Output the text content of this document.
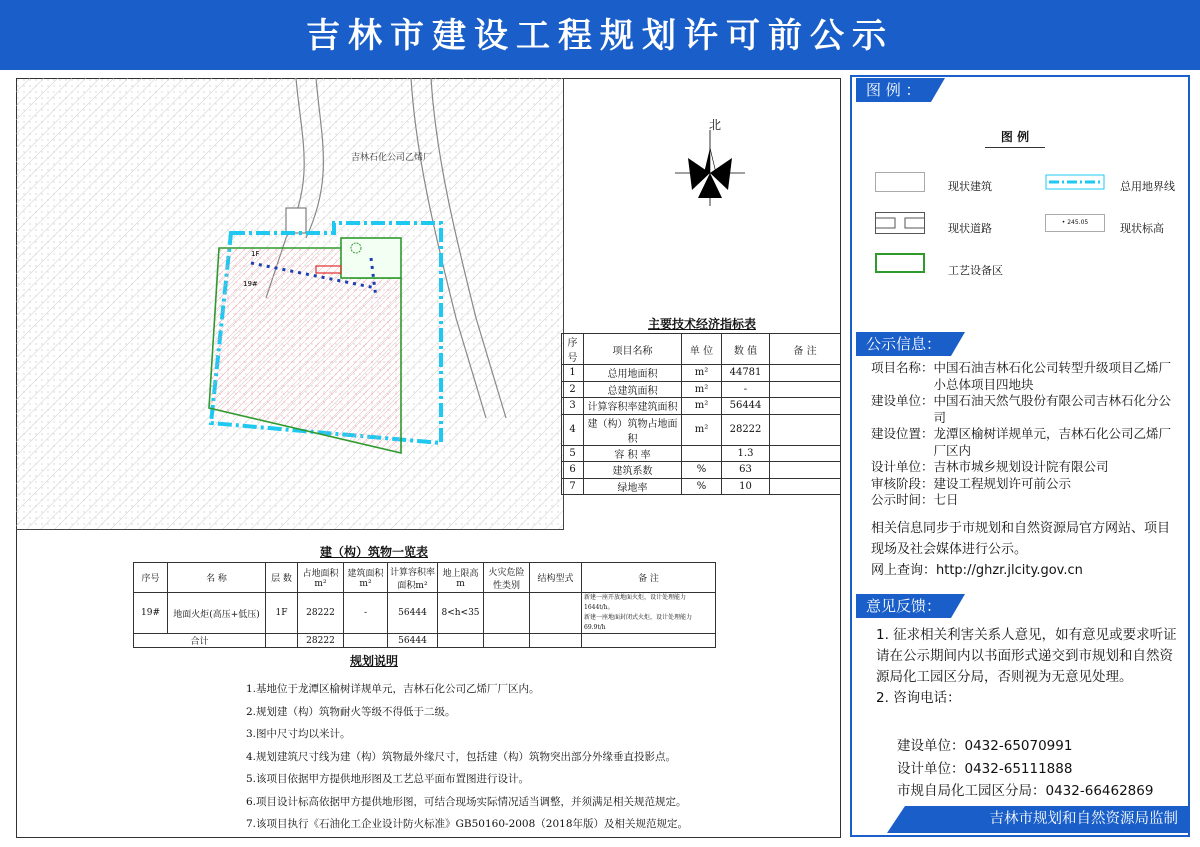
吉林市建设工程规划许可前公示
吉林石化公司乙烯厂
1F
19#
北
主要技术经济指标表
序号	项目名称	单 位	数 值	备 注
1	总用地面积	m²	44781	
2	总建筑面积	m²	-	
3	计算容积率建筑面积	m²	56444	
4	建（构）筑物占地面积	m²	28222	
5	容 积 率		1.3	
6	建筑系数	%	63	
7	绿地率	%	10	
建（构）筑物一览表
序号	名 称	层 数	占地面积m²	建筑面积m²	计算容积率面积m²	地上限高m	火灾危险性类别	结构型式	备 注
19#	地面火炬(高压+低压)	1F	28222	-	56444	8<h<35			新建一座开放地面火炬，设计处理能力1644t/h。
新建一座地面封闭式火炬，设计处理能力69.9t/h

合计			28222		56444				
规划说明
1.基地位于龙潭区榆树详规单元，吉林石化公司乙烯厂厂区内。
2.规划建（构）筑物耐火等级不得低于二级。
3.图中尺寸均以米计。
4.规划建筑尺寸线为建（构）筑物最外缘尺寸，包括建（构）筑物突出部分外缘垂直投影点。
5.该项目依据甲方提供地形图及工艺总平面布置图进行设计。
6.项目设计标高依据甲方提供地形图，可结合现场实际情况适当调整，并须满足相关规范规定。
7.该项目执行《石油化工企业设计防火标准》GB50160-2008（2018年版）及相关规范规定。
图 例 ：
图 例
现状建筑	总用地界线
现状道路	• 245.05	现状标高
工艺设备区
公示信息：
项目名称： 中国石油吉林石化公司转型升级项目乙烯厂小总体项目四地块
建设单位： 中国石油天然气股份有限公司吉林石化分公司
建设位置： 龙潭区榆树详规单元，吉林石化公司乙烯厂厂区内
设计单位： 吉林市城乡规划设计院有限公司
审核阶段： 建设工程规划许可前公示
公示时间： 七日
相关信息同步于市规划和自然资源局官方网站、项目现场及社会媒体进行公示。
网上查询：http://ghzr.jlcity.gov.cn
意见反馈：
1. 征求相关利害关系人意见，如有意见或要求听证请在公示期间内以书面形式递交到市规划和自然资源局化工园区分局，否则视为无意见处理。
2. 咨询电话：
建设单位：0432-65070991
设计单位：0432-65111888
市规自局化工园区分局：0432-66462869
吉林市规划和自然资源局监制
